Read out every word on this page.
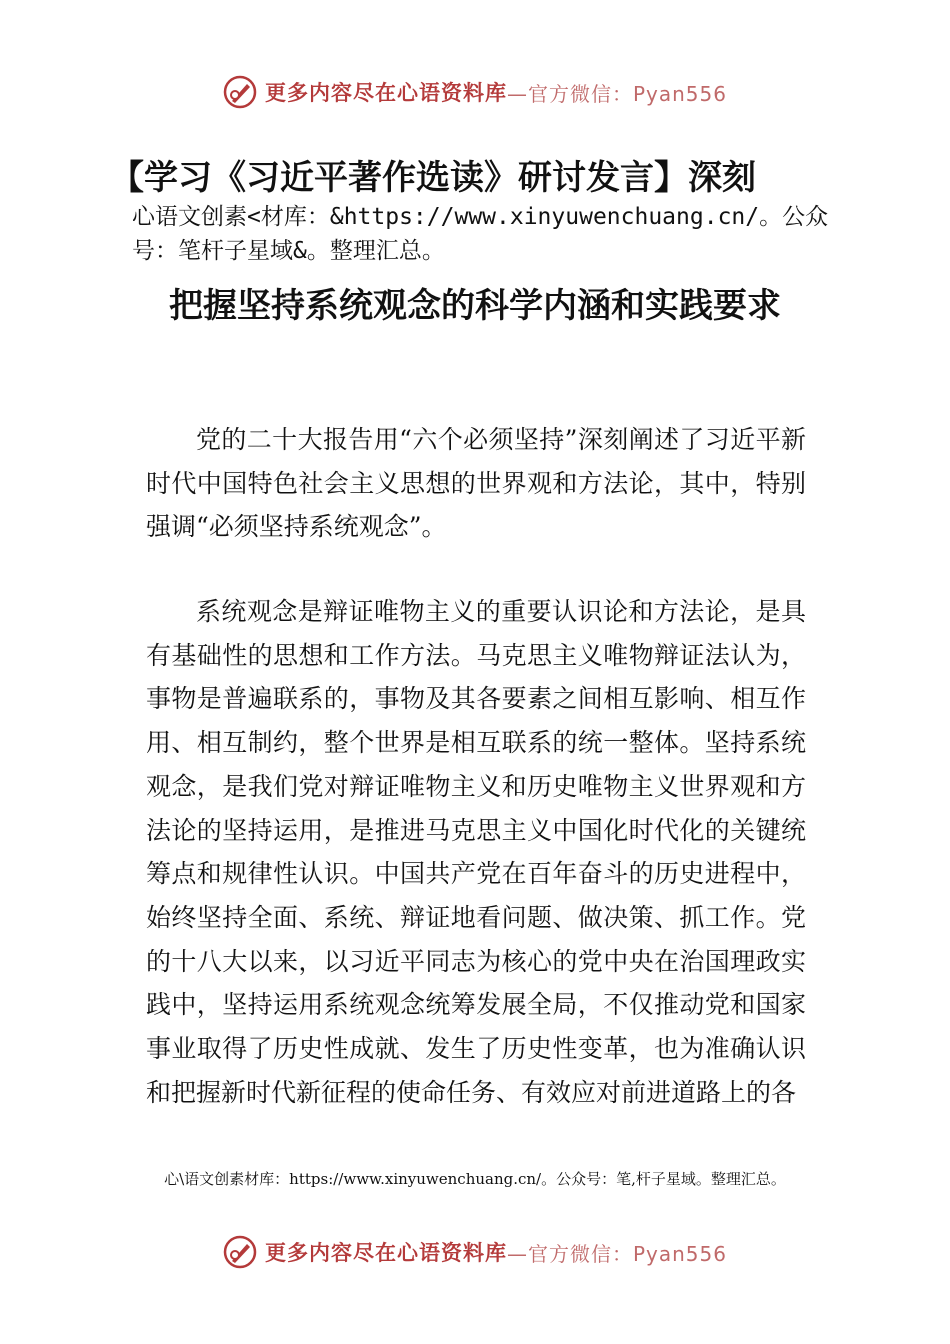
更多内容尽在心语资料库 —官方微信：Pyan556
【学习《习近平著作选读》研讨发言】深刻

心语文创素<材库：&https://www.xinyuwenchuang.cn/。公众号：笔杆子星域&。整理汇总。

把握坚持系统观念的科学内涵和实践要求

党的二十大报告用“六个必须坚持”深刻阐述了习近平新时代中国特色社会主义思想的世界观和方法论，其中，特别强调“必须坚持系统观念”。

系统观念是辩证唯物主义的重要认识论和方法论，是具有基础性的思想和工作方法。马克思主义唯物辩证法认为，事物是普遍联系的，事物及其各要素之间相互影响、相互作用、相互制约，整个世界是相互联系的统一整体。坚持系统观念，是我们党对辩证唯物主义和历史唯物主义世界观和方法论的坚持运用，是推进马克思主义中国化时代化的关键统筹点和规律性认识。中国共产党在百年奋斗的历史进程中，始终坚持全面、系统、辩证地看问题、做决策、抓工作。党的十八大以来，以习近平同志为核心的党中央在治国理政实践中，坚持运用系统观念统筹发展全局，不仅推动党和国家事业取得了历史性成就、发生了历史性变革，也为准确认识和把握新时代新征程的使命任务、有效应对前进道路上的各

心\语文创素材库：https://www.xinyuwenchuang.cn/。公众号：笔,杆子星域。整理汇总。

更多内容尽在心语资料库 —官方微信：Pyan556
